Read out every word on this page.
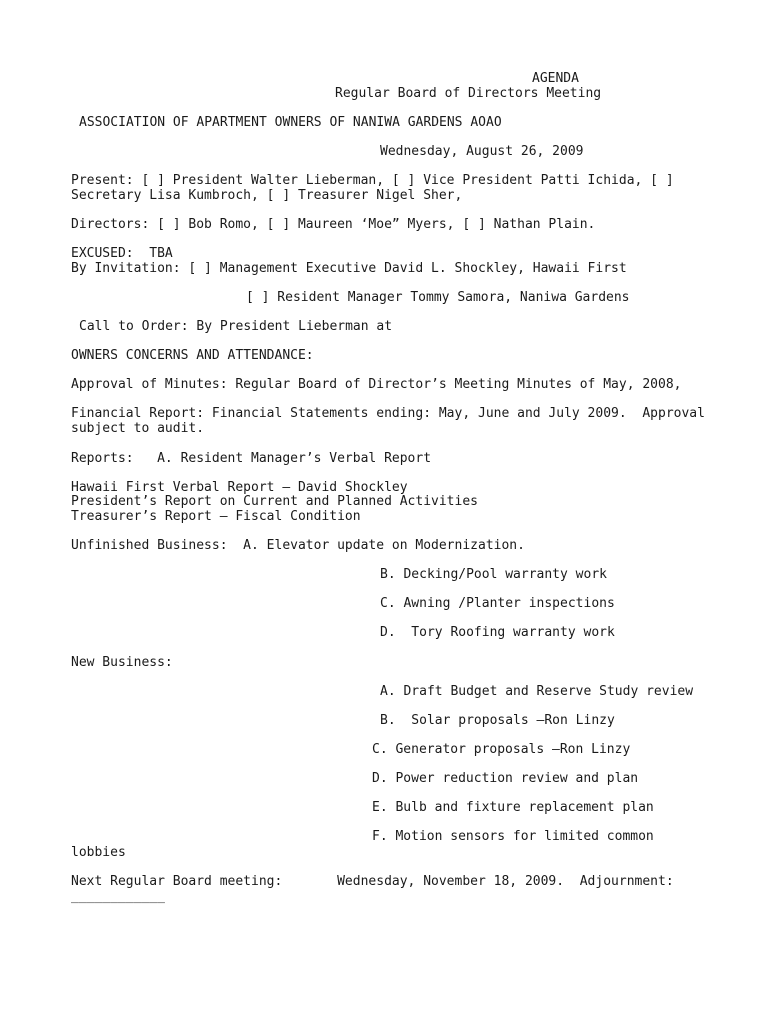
AGENDA

Regular Board of Directors Meeting

ASSOCIATION OF APARTMENT OWNERS OF NANIWA GARDENS AOAO

Wednesday, August 26, 2009

Present: [ ] President Walter Lieberman, [ ] Vice President Patti Ichida, [ ]

Secretary Lisa Kumbroch, [ ] Treasurer Nigel Sher,

Directors: [ ] Bob Romo, [ ] Maureen ‘Moe” Myers, [ ] Nathan Plain.

EXCUSED:  TBA

By Invitation: [ ] Management Executive David L. Shockley, Hawaii First

[ ] Resident Manager Tommy Samora, Naniwa Gardens

Call to Order: By President Lieberman at

OWNERS CONCERNS AND ATTENDANCE:

Approval of Minutes: Regular Board of Director’s Meeting Minutes of May, 2008,

Financial Report: Financial Statements ending: May, June and July 2009.  Approval

subject to audit.

Reports:   A. Resident Manager’s Verbal Report

Hawaii First Verbal Report – David Shockley

President’s Report on Current and Planned Activities

Treasurer’s Report – Fiscal Condition

Unfinished Business:  A. Elevator update on Modernization.

B. Decking/Pool warranty work

C. Awning /Planter inspections

D.  Tory Roofing warranty work

New Business:

A. Draft Budget and Reserve Study review

B.  Solar proposals –Ron Linzy

C. Generator proposals –Ron Linzy

D. Power reduction review and plan

E. Bulb and fixture replacement plan

F. Motion sensors for limited common

lobbies

Next Regular Board meeting:       Wednesday, November 18, 2009.  Adjournment:

____________
